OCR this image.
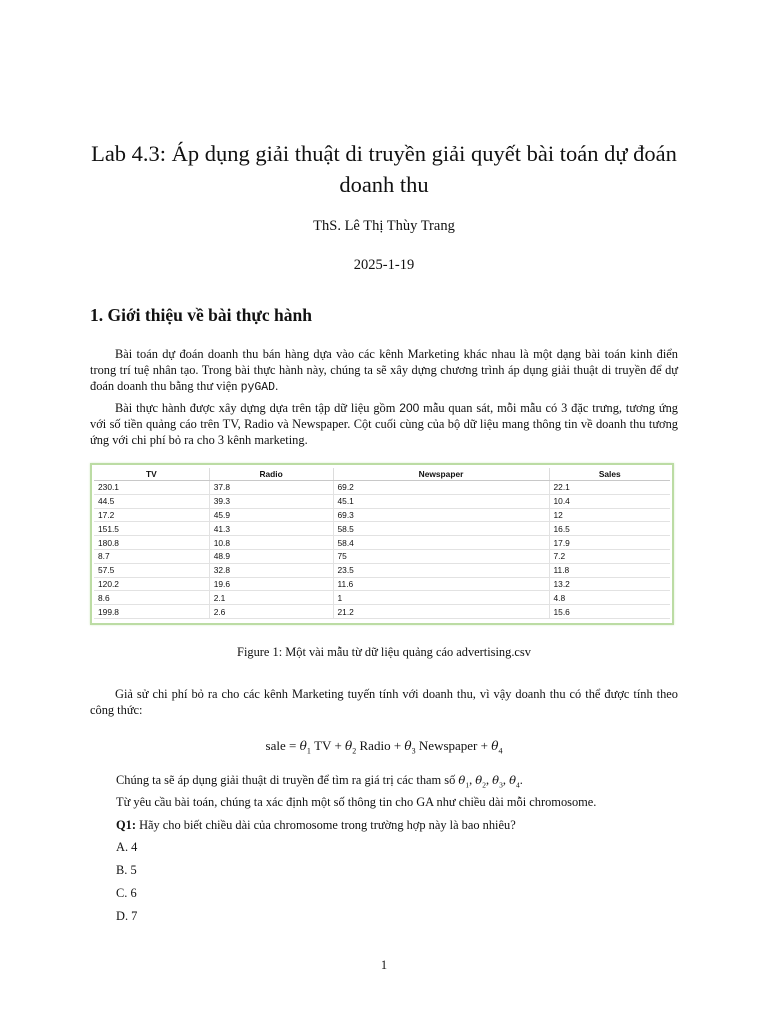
Lab 4.3: Áp dụng giải thuật di truyền giải quyết bài toán dự đoán
doanh thu
ThS. Lê Thị Thùy Trang
2025-1-19
1. Giới thiệu về bài thực hành
Bài toán dự đoán doanh thu bán hàng dựa vào các kênh Marketing khác nhau là một dạng bài toán kinh điển trong trí tuệ nhân tạo. Trong bài thực hành này, chúng ta sẽ xây dựng chương trình áp dụng giải thuật di truyền để dự đoán doanh thu bằng thư viện pyGAD.
Bài thực hành được xây dựng dựa trên tập dữ liệu gồm 200 mẫu quan sát, mỗi mẫu có 3 đặc trưng, tương ứng với số tiền quảng cáo trên TV, Radio và Newspaper. Cột cuối cùng của bộ dữ liệu mang thông tin về doanh thu tương ứng với chi phí bỏ ra cho 3 kênh marketing.
TV	Radio	Newspaper	Sales
230.1	37.8	69.2	22.1
44.5	39.3	45.1	10.4
17.2	45.9	69.3	12
151.5	41.3	58.5	16.5
180.8	10.8	58.4	17.9
8.7	48.9	75	7.2
57.5	32.8	23.5	11.8
120.2	19.6	11.6	13.2
8.6	2.1	1	4.8
199.8	2.6	21.2	15.6
Figure 1: Một vài mẫu từ dữ liệu quảng cáo advertising.csv
Giả sử chi phí bỏ ra cho các kênh Marketing tuyến tính với doanh thu, vì vậy doanh thu có thể được tính theo công thức:
sale = $\theta_1$ TV + $\theta_2$ Radio + $\theta_3$ Newspaper + $\theta_4$
Chúng ta sẽ áp dụng giải thuật di truyền để tìm ra giá trị các tham số $\theta_1$, $\theta_2$, $\theta_3$, $\theta_4$.
Từ yêu cầu bài toán, chúng ta xác định một số thông tin cho GA như chiều dài mỗi chromosome.
Q1: Hãy cho biết chiều dài của chromosome trong trường hợp này là bao nhiêu?
A. 4
B. 5
C. 6
D. 7
1
